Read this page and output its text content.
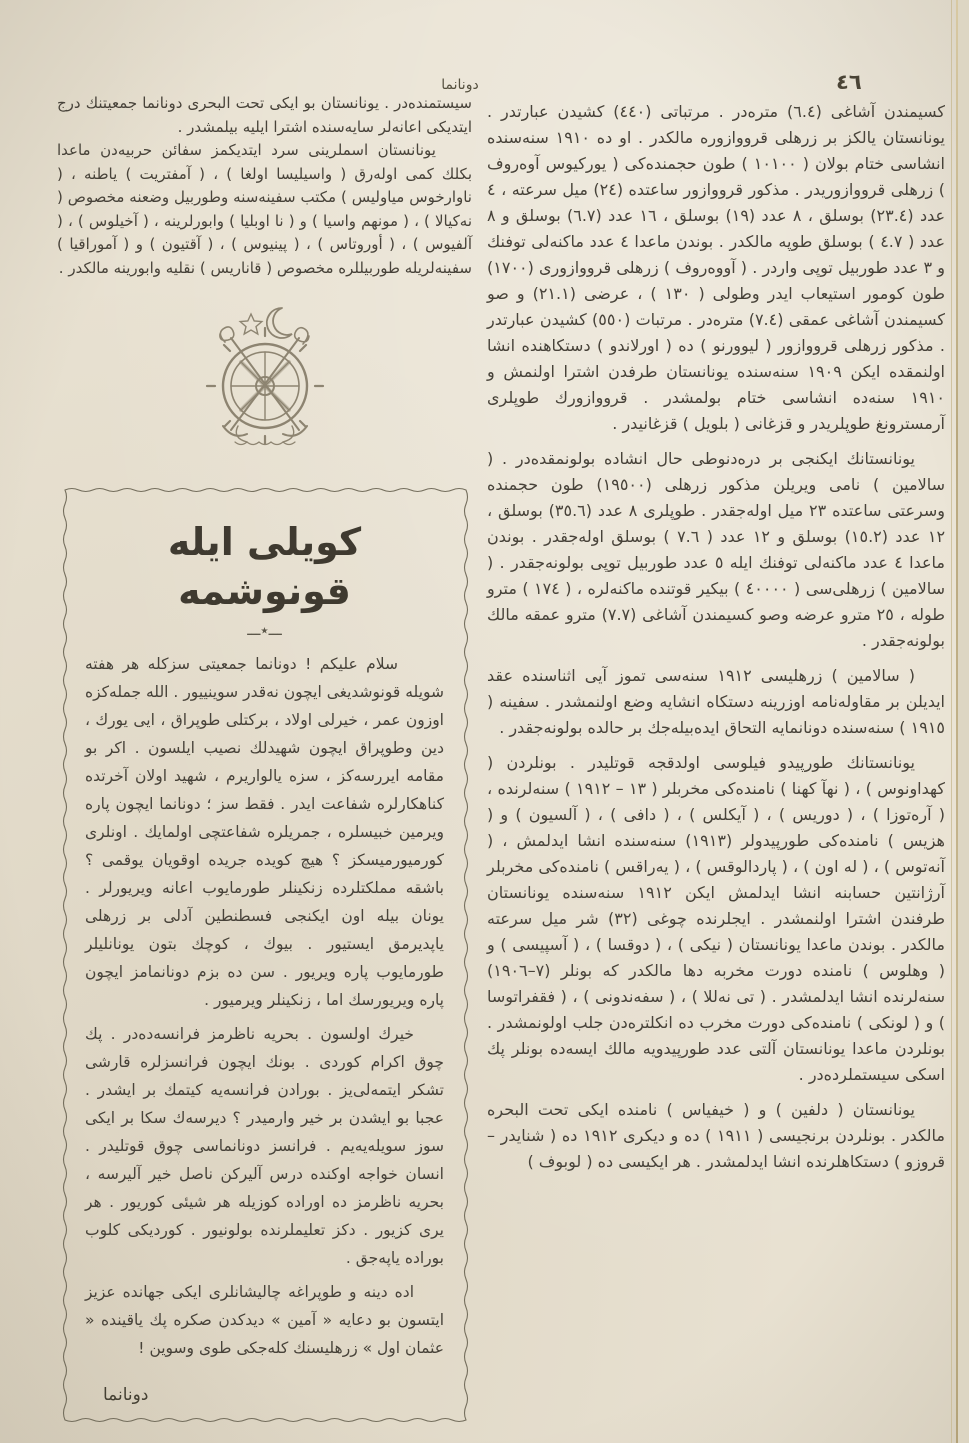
دونانما	٤٦

كسيمندن آشاغى (٦.٤) متره‌در . مرتباتى (٤٤٠) كشيدن عبارتدر . يونانستان يالكز بر زرهلى قرووازوره مالكدر . او ده ١٩١٠ سنه‌سنده انشاسى ختام بولان ( ١٠١٠٠ ) طون حجمنده‌كى ( يوركيوس آوه‌روف ) زرهلى قرووازوريدر . مذكور قرووازور ساعتده (٢٤) ميل سرعته ، ٤ عدد (٢٣.٤) بوسلق ، ٨ عدد (١٩) بوسلق ، ١٦ عدد (٦.٧) بوسلق و ٨ عدد ( ٤.٧ ) بوسلق طوپه مالكدر . بوندن ماعدا ٤ عدد ماكنه‌لى توفنك و ٣ عدد طوربيل توپى واردر . ( آووه‌روف ) زرهلى قرووازورى (١٧٠٠) طون كومور استيعاب ايدر وطولى ( ١٣٠ ) ، عرضى (٢١.١) و صو كسيمندن آشاغى عمقى (٧.٤) متره‌در . مرتبات (٥٥٠) كشيدن عبارتدر . مذكور زرهلى قرووازور ( ليوورنو ) ده ( اورلاندو ) دستكاهنده انشا اولنمقده ايكن ١٩٠٩ سنه‌سنده يونانستان طرفدن اشترا اولنمش و ١٩١٠ سنه‌ده انشاسى ختام بولمشدر . قرووازورك طوپلرى آرمسترونغ طوپلريدر و قزغانى ( بلويل ) قزغانيدر .

يونانستانك ايكنجى بر دره‌دنوطى حال انشاده بولونمقده‌در . ( سالامين ) نامى ويريلن مذكور زرهلى (١٩٥٠٠) طون حجمنده وسرعتى ساعتده ٢٣ ميل اوله‌جقدر . طوپلرى ٨ عدد (٣٥.٦) بوسلق ، ١٢ عدد (١٥.٢) بوسلق و ١٢ عدد ( ٧.٦ ) بوسلق اوله‌جقدر . بوندن ماعدا ٤ عدد ماكنه‌لى توفنك ايله ٥ عدد طوربيل توپى بولونه‌جقدر . ( سالامين ) زرهلى‌سى ( ٤٠٠٠٠ ) بيكير قوتنده ماكنه‌لره ، ( ١٧٤ ) مترو طوله ، ٢٥ مترو عرضه وصو كسيمندن آشاغى (٧.٧) مترو عمقه مالك بولونه‌جقدر .

( سالامين ) زرهليسى ١٩١٢ سنه‌سى تموز آيى اثناسنده عقد ايديلن بر مقاوله‌نامه اوزرينه دستكاه انشايه وضع اولنمشدر . سفينه ( ١٩١٥ ) سنه‌سنده دونانمايه التحاق ايده‌بيله‌جك بر حالده بولونه‌جقدر .

يونانستانك طورپيدو فيلوسى اولدقجه قوتليدر . بونلردن ( كهداونوس ) ، ( نهآ كهنا ) نامنده‌كى مخربلر ( ١٣ – ١٩١٢ ) سنه‌لرنده ، ( آره‌توزا ) ، ( دوريس ) ، ( آيكلس ) ، ( دافى ) ، ( آلسيون ) و ( هزيس ) نامنده‌كى طورپيدولر (١٩١٣) سنه‌سنده انشا ايدلمش ، ( آنه‌توس ) ، ( له اون ) ، ( پاردالوقس ) ، ( يه‌راقس ) نامنده‌كى مخربلر آرژانتين حسابنه انشا ايدلمش ايكن ١٩١٢ سنه‌سنده يونانستان طرفندن اشترا اولنمشدر . ايجلرنده چوغى (٣٢) شر ميل سرعته مالكدر . بوندن ماعدا يونانستان ( نيكى ) ، ( دوقسا ) ، ( آسپيسى ) و ( وهلوس ) نامنده دورت مخربه دها مالكدر كه بونلر (٧–١٩٠٦) سنه‌لرنده انشا ايدلمشدر . ( تى نه‌للا ) ، ( سفه‌ندونى ) ، ( فقفراتوسا ) و ( لونكى ) نامنده‌كى دورت مخرب ده انكلتره‌دن جلب اولونمشدر . بونلردن ماعدا يونانستان آلتى عدد طورپيدويه مالك ايسه‌ده بونلر پك اسكى سيستملرده‌در .

يونانستان ( دلفين ) و ( خيفياس ) نامنده ايكى تحت البحره مالكدر . بونلردن برنجيسى ( ١٩١١ ) ده و ديكرى ١٩١٢ ده ( شنايدر – قروزو ) دستكاهلرنده انشا ايدلمشدر . هر ايكيسى ده ( لوبوف )

سيستمنده‌در . يونانستان بو ايكى تحت البحرى دونانما جمعيتنك درج ايتديكى اعانه‌لر سايه‌سنده اشترا ايليه بيلمشدر .

يونانستان اسملرينى سرد ايتديكمز سفائن حربيه‌دن ماعدا بكلك كمى اوله‌رق ( واسيليسا اولغا ) ، ( آمفتريت ) ياطنه ، ( ناوارخوس مياوليس ) مكتب سفينه‌سنه وطوربيل وضعنه مخصوص ( نه‌كيالا ) ، ( مونهم واسيا ) و ( نا اوبليا ) وابورلرينه ، ( آخيلوس ) ، ( آلفيوس ) ، ( أوروتاس ) ، ( پينيوس ) ، ( آقتيون ) و ( آموراقيا ) سفينه‌لريله طوربيللره مخصوص ( قاناريس ) نقليه وابورينه مالكدر .

كويلى ايله قونوشمه
ـــ٭ـــ

سلام عليكم ! دونانما جمعيتى سزكله هر هفته شويله قونوشديغى ايچون نه‌قدر سوينييور . الله جمله‌كزه اوزون عمر ، خيرلى اولاد ، بركتلى طوپراق ، ايى يورك ، دين وطوپراق ايچون شهيدلك نصيب ايلسون . اكر بو مقامه ايررسه‌كز ، سزه يالواريرم ، شهيد اولان آخرتده كناهكارلره شفاعت ايدر . فقط سز ؛ دونانما ايچون پاره ويرمين خبيسلره ، جمريلره شفاعتچى اولمايك . اونلرى كورميورميسكز ؟ هيچ كويده جريده اوقويان يوقمى ؟ باشقه مملكتلرده زنكينلر طورمايوب اعانه ويريورلر . يونان بيله اون ايكنجى فسطنطين آدلى بر زرهلى ياپديرمق ايستيور . بيوك ، كوچك بتون يونانليلر طورمايوب پاره ويريور . سن ده بزم دونانمامز ايچون پاره ويريورسك اما ، زنكينلر ويرميور .

خيرك اولسون . بحريه ناظرمز فرانسه‌ده‌در . پك چوق اكرام كوردى . بونك ايچون فرانسزلره قارشى تشكر ايتمه‌لى‌يز . بورادن فرانسه‌يه كيتمك بر ايشدر . عجبا بو ايشدن بر خير وارميدر ؟ ديرسه‌ك سكا بر ايكى سوز سويله‌يه‌يم . فرانسز دونانماسى چوق قوتليدر . انسان خواجه اوكنده درس آليركن ناصل خير آليرسه ، بحريه ناظرمز ده اوراده كوزيله هر شيئى كوريور . هر يرى كزيور . دكز تعليملرنده بولونيور . كورديكى كلوب بوراده ياپه‌جق .

اده دينه و طوپراغه چاليشانلرى ايكى جهانده عزيز ايتسون بو دعايه « آمين » ديدكدن صكره پك ياقينده « عثمان اول » زرهليسنك كله‌جكى طوى وسوين !

دونانما
